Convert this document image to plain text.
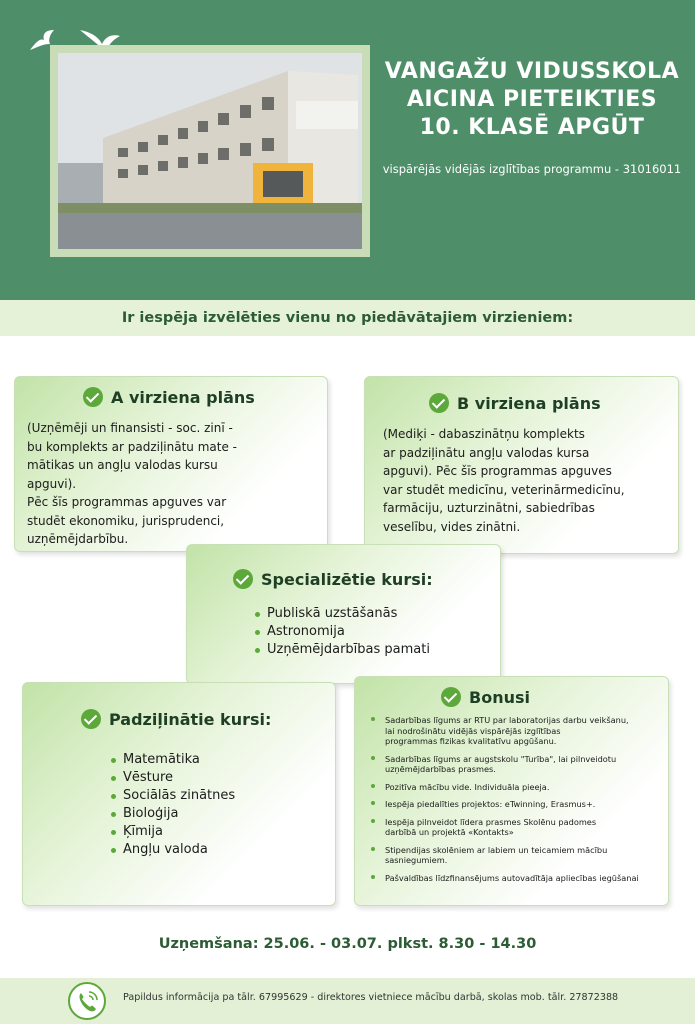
VANGAŽU VIDUSSKOLA
AICINA PIETEIKTIES
10. KLASĒ APGŪT
vispārējās vidējās izglītības programmu - 31016011
Ir iespēja izvēlēties vienu no piedāvātajiem virzieniem:
A virziena plāns
(Uzņēmēji un finansisti - soc. zinī -
bu komplekts ar padziļinātu mate -
mātikas un angļu valodas kursu
apguvi).
Pēc šīs programmas apguves var
studēt ekonomiku, jurisprudenci,
uzņēmējdarbību.
B virziena plāns
(Mediķi - dabaszinātņu komplekts
ar padziļinātu angļu valodas kursa
apguvi). Pēc šīs programmas apguves
var studēt medicīnu, veterinārmedicīnu,
farmāciju, uzturzinātni, sabiedrības
veselību, vides zinātni.
Specializētie kursi:
Publiskā uzstāšanās
Astronomija
Uzņēmējdarbības pamati
Padziļinātie kursi:
Matemātika
Vēsture
Sociālās zinātnes
Bioloģija
Ķīmija
Angļu valoda
Bonusi
Sadarbības līgums ar RTU par laboratorijas darbu veikšanu,
lai nodrošinātu vidējās vispārējās izglītības
programmas fizikas kvalitatīvu apgūšanu.
Sadarbības līgums ar augstskolu "Turība", lai pilnveidotu
uzņēmējdarbības prasmes.
Pozitīva mācību vide. Individuāla pieeja.
Iespēja piedalīties projektos: eTwinning, Erasmus+.
Iespēja pilnveidot līdera prasmes Skolēnu padomes
darbībā un projektā «Kontakts»
Stipendijas skolēniem ar labiem un teicamiem mācību
sasniegumiem.
Pašvaldības līdzfinansējums autovadītāja apliecības iegūšanai
Uzņemšana: 25.06. - 03.07. plkst. 8.30 - 14.30
Papildus informācija pa tālr. 67995629 - direktores vietniece mācību darbā, skolas mob. tālr. 27872388
